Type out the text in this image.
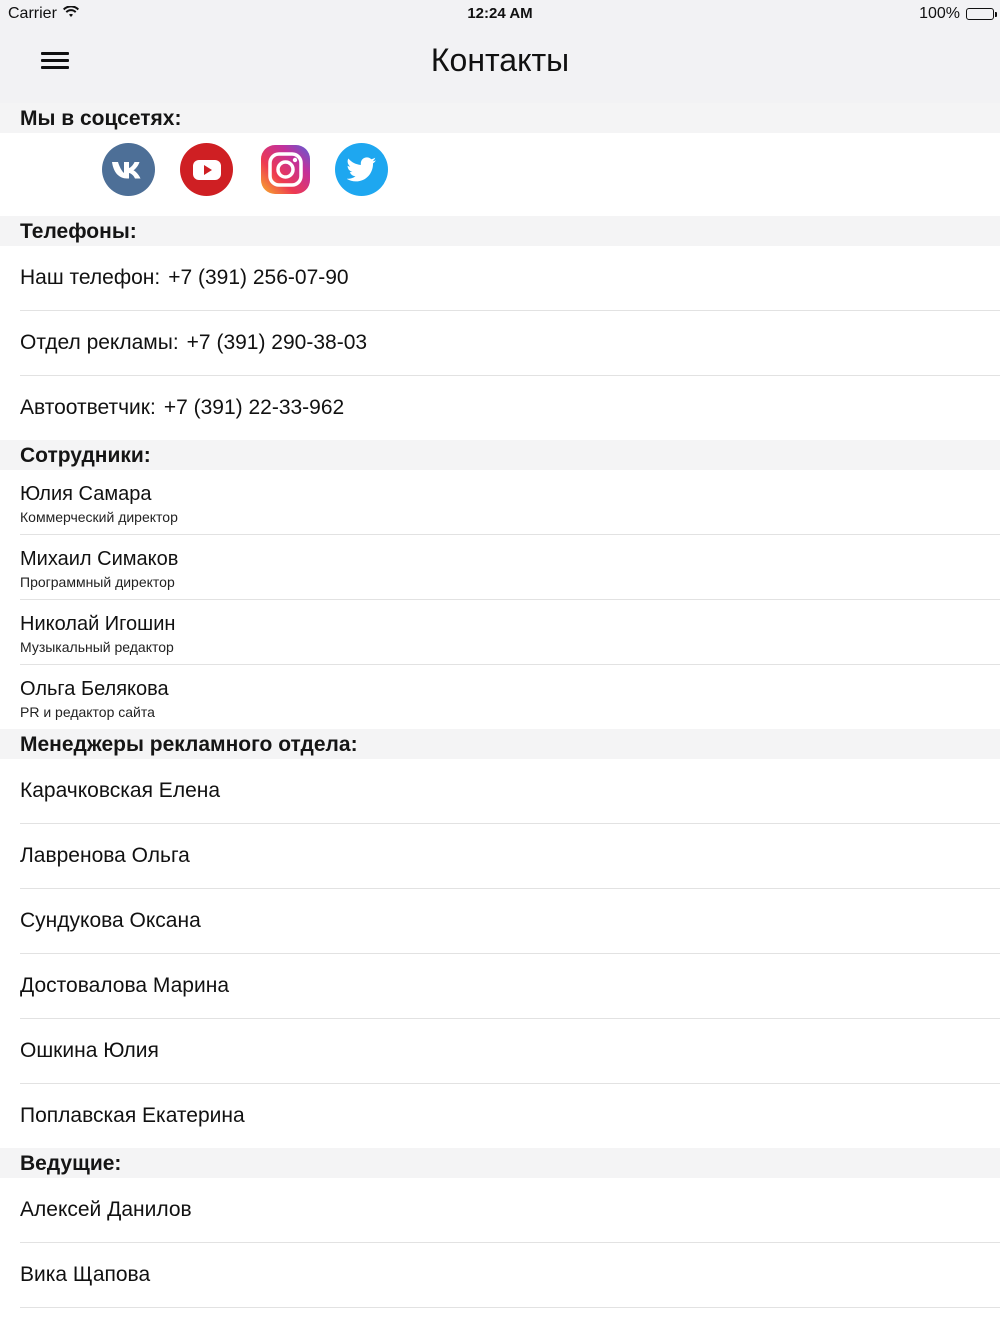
Carrier	12:24 AM	100%
Контакты
Мы в соцсетях:
Телефоны:
Наш телефон: +7 (391) 256-07-90
Отдел рекламы: +7 (391) 290-38-03
Автоответчик: +7 (391) 22-33-962
Сотрудники:
Юлия Самара
Коммерческий директор
Михаил Симаков
Программный директор
Николай Игошин
Музыкальный редактор
Ольга Белякова
PR и редактор сайта
Менеджеры рекламного отдела:
Карачковская Елена
Лавренова Ольга
Сундукова Оксана
Достовалова Марина
Ошкина Юлия
Поплавская Екатерина
Ведущие:
Алексей Данилов
Вика Щапова
